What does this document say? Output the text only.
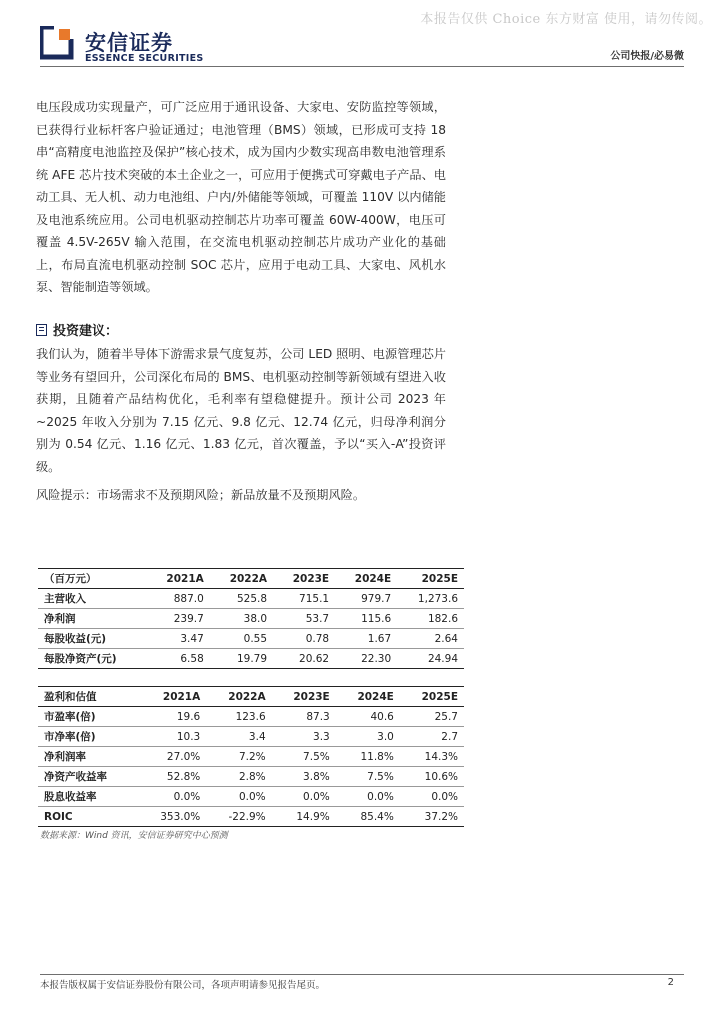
本报告仅供 Choice 东方财富 使用，请勿传阅。
安信证券
ESSENCE SECURITIES	公司快报/必易微

电压段成功实现量产，可广泛应用于通讯设备、大家电、安防监控等领域，已获得行业标杆客户验证通过；电池管理（BMS）领域，已形成可支持 18 串“高精度电池监控及保护”核心技术，成为国内少数实现高串数电池管理系统 AFE 芯片技术突破的本土企业之一，可应用于便携式可穿戴电子产品、电动工具、无人机、动力电池组、户内/外储能等领域，可覆盖 110V 以内储能及电池系统应用。公司电机驱动控制芯片功率可覆盖 60W-400W，电压可覆盖 4.5V-265V 输入范围，在交流电机驱动控制芯片成功产业化的基础上，布局直流电机驱动控制 SOC 芯片，应用于电动工具、大家电、风机水泵、智能制造等领域。

投资建议：

我们认为，随着半导体下游需求景气度复苏，公司 LED 照明、电源管理芯片等业务有望回升，公司深化布局的 BMS、电机驱动控制等新领域有望进入收获期，且随着产品结构优化，毛利率有望稳健提升。预计公司 2023 年~2025 年收入分别为 7.15 亿元、9.8 亿元、12.74 亿元，归母净利润分别为 0.54 亿元、1.16 亿元、1.83 亿元，首次覆盖，予以“买入-A”投资评级。

风险提示：市场需求不及预期风险；新品放量不及预期风险。

（百万元）	2021A	2022A	2023E	2024E	2025E
主营收入	887.0	525.8	715.1	979.7	1,273.6
净利润	239.7	38.0	53.7	115.6	182.6
每股收益(元)	3.47	0.55	0.78	1.67	2.64
每股净资产(元)	6.58	19.79	20.62	22.30	24.94
盈利和估值	2021A	2022A	2023E	2024E	2025E
市盈率(倍)	19.6	123.6	87.3	40.6	25.7
市净率(倍)	10.3	3.4	3.3	3.0	2.7
净利润率	27.0%	7.2%	7.5%	11.8%	14.3%
净资产收益率	52.8%	2.8%	3.8%	7.5%	10.6%
股息收益率	0.0%	0.0%	0.0%	0.0%	0.0%
ROIC	353.0%	-22.9%	14.9%	85.4%	37.2%
数据来源：Wind 资讯，安信证券研究中心预测
本报告版权属于安信证券股份有限公司，各项声明请参见报告尾页。	2
